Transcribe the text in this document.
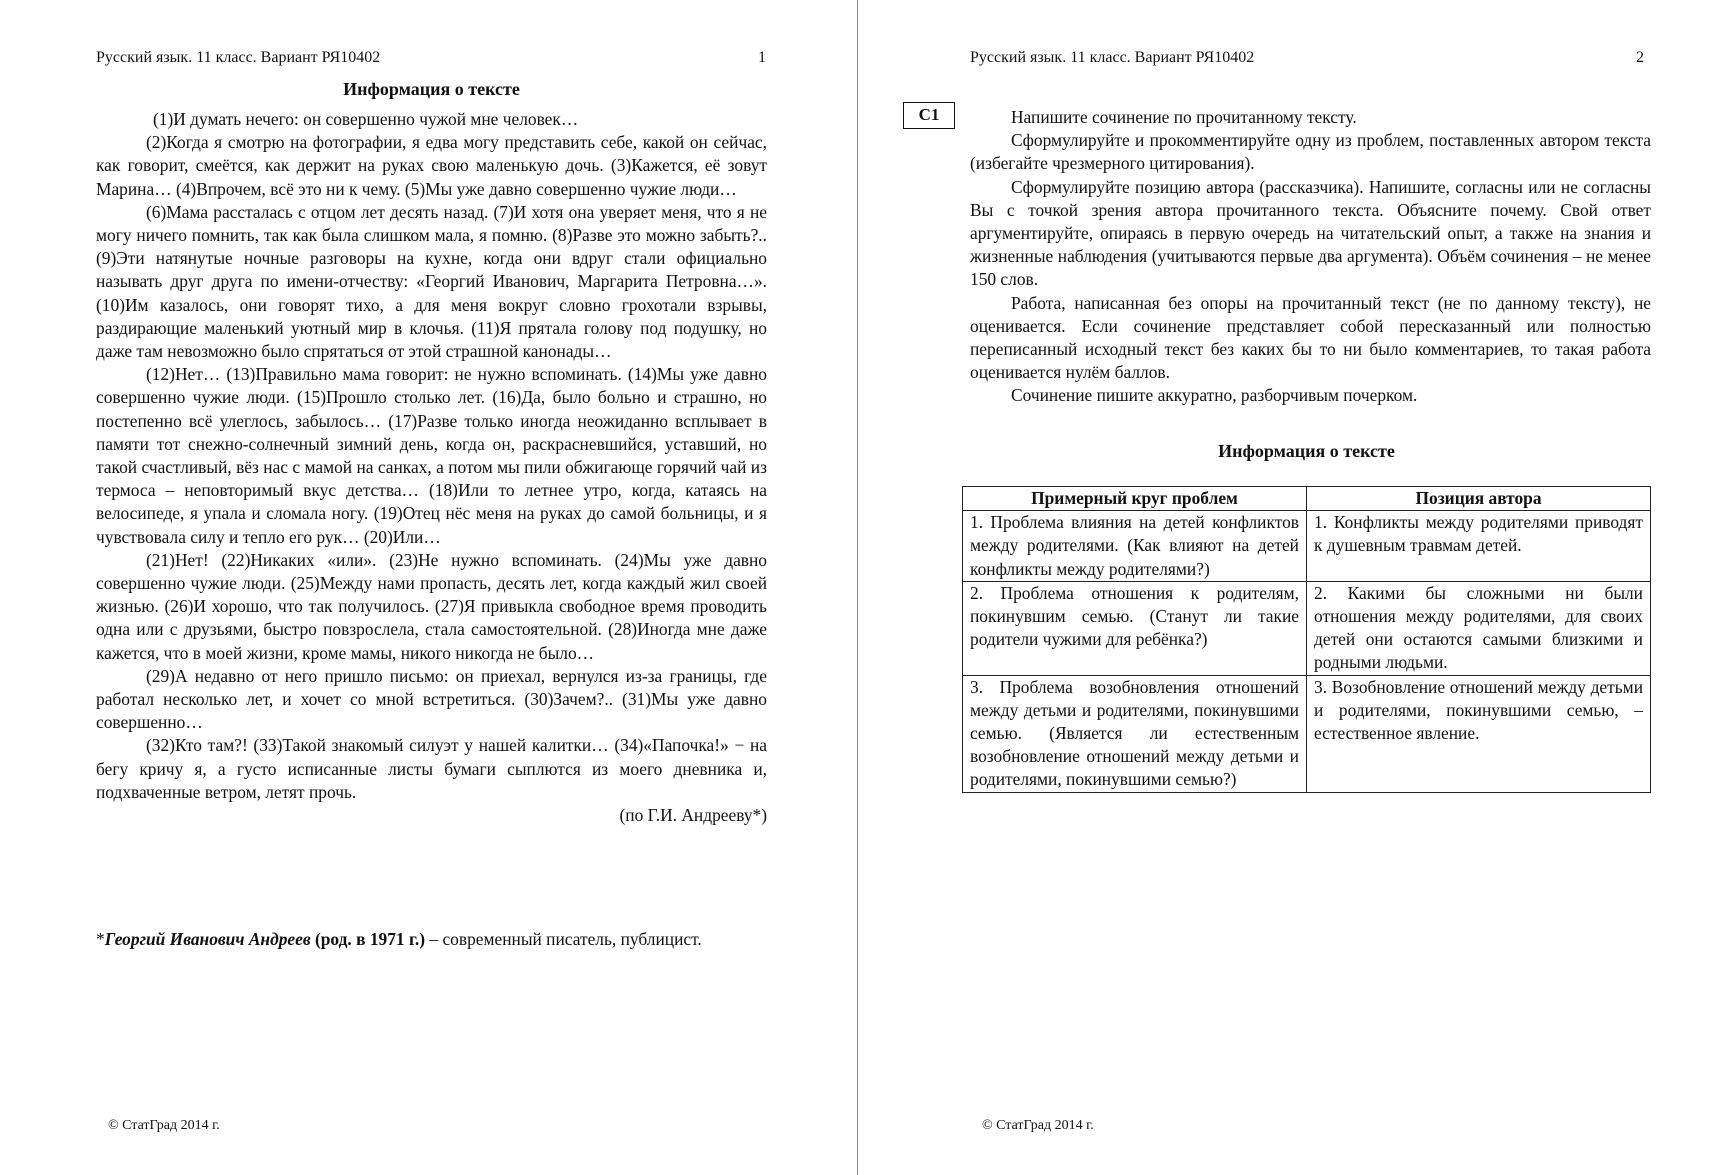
Русский язык. 11 класс. Вариант РЯ10402	1
Информация о тексте

(1)И думать нечего: он совершенно чужой мне человек…

(2)Когда я смотрю на фотографии, я едва могу представить себе, какой он сейчас, как говорит, смеётся, как держит на руках свою маленькую дочь. (3)Кажется, её зовут Марина… (4)Впрочем, всё это ни к чему. (5)Мы уже давно совершенно чужие люди…

(6)Мама рассталась с отцом лет десять назад. (7)И хотя она уверяет меня, что я не могу ничего помнить, так как была слишком мала, я помню. (8)Разве это можно забыть?.. (9)Эти натянутые ночные разговоры на кухне, когда они вдруг стали официально называть друг друга по имени-отчеству: «Георгий Иванович, Маргарита Петровна…». (10)Им казалось, они говорят тихо, а для меня вокруг словно грохотали взрывы, раздирающие маленький уютный мир в клочья. (11)Я прятала голову под подушку, но даже там невозможно было спрятаться от этой страшной канонады…

(12)Нет… (13)Правильно мама говорит: не нужно вспоминать. (14)Мы уже давно совершенно чужие люди. (15)Прошло столько лет. (16)Да, было больно и страшно, но постепенно всё улеглось, забылось… (17)Разве только иногда неожиданно всплывает в памяти тот снежно-солнечный зимний день, когда он, раскрасневшийся, уставший, но такой счастливый, вёз нас с мамой на санках, а потом мы пили обжигающе горячий чай из термоса – неповторимый вкус детства… (18)Или то летнее утро, когда, катаясь на велосипеде, я упала и сломала ногу. (19)Отец нёс меня на руках до самой больницы, и я чувствовала силу и тепло его рук… (20)Или…

(21)Нет! (22)Никаких «или». (23)Не нужно вспоминать. (24)Мы уже давно совершенно чужие люди. (25)Между нами пропасть, десять лет, когда каждый жил своей жизнью. (26)И хорошо, что так получилось. (27)Я привыкла свободное время проводить одна или с друзьями, быстро повзрослела, стала самостоятельной. (28)Иногда мне даже кажется, что в моей жизни, кроме мамы, никого никогда не было…

(29)А недавно от него пришло письмо: он приехал, вернулся из-за границы, где работал несколько лет, и хочет со мной встретиться. (30)Зачем?.. (31)Мы уже давно совершенно…

(32)Кто там?! (33)Такой знакомый силуэт у нашей калитки… (34)«Папочка!» − на бегу кричу я, а густо исписанные листы бумаги сыплются из моего дневника и, подхваченные ветром, летят прочь.

(по Г.И. Андрееву*)

*Георгий Иванович Андреев (род. в 1971 г.) – современный писатель, публицист.
© СтатГрад 2014 г.
Русский язык. 11 класс. Вариант РЯ10402	2
С1	Напишите сочинение по прочитанному тексту.

Сформулируйте и прокомментируйте одну из проблем, поставленных автором текста (избегайте чрезмерного цитирования).

Сформулируйте позицию автора (рассказчика). Напишите, согласны или не согласны Вы с точкой зрения автора прочитанного текста. Объясните почему. Свой ответ аргументируйте, опираясь в первую очередь на читательский опыт, а также на знания и жизненные наблюдения (учитываются первые два аргумента). Объём сочинения – не менее 150 слов.

Работа, написанная без опоры на прочитанный текст (не по данному тексту), не оценивается. Если сочинение представляет собой пересказанный или полностью переписанный исходный текст без каких бы то ни было комментариев, то такая работа оценивается нулём баллов.

Сочинение пишите аккуратно, разборчивым почерком.

Информация о тексте
Примерный круг проблем	Позиция автора
1. Проблема влияния на детей конфликтов между родителями. (Как влияют на детей конфликты между родителями?)	1. Конфликты между родителями приводят к душевным травмам детей.
2. Проблема отношения к родителям, покинувшим семью. (Станут ли такие родители чужими для ребёнка?)	2. Какими бы сложными ни были отношения между родителями, для своих детей они остаются самыми близкими и родными людьми.
3. Проблема возобновления отношений между детьми и родителями, покинувшими семью. (Является ли естественным возобновление отношений между детьми и родителями, покинувшими семью?)	3. Возобновление отношений между детьми и родителями, покинувшими семью, – естественное явление.
© СтатГрад 2014 г.
